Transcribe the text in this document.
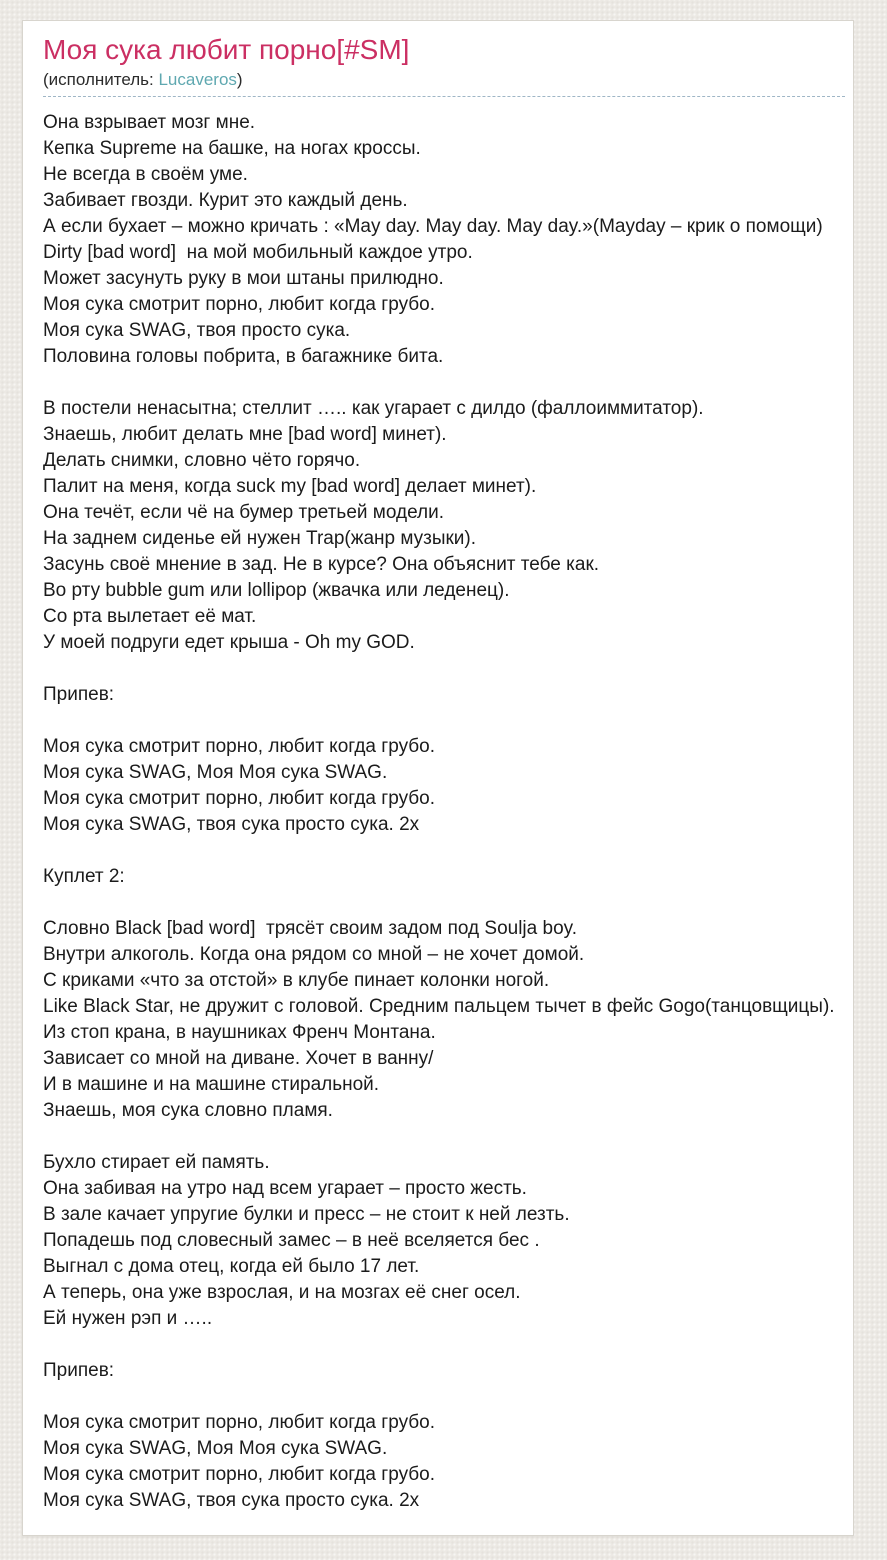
Моя сука любит порно[#SM]
(исполнитель: Lucaveros)
Она взрывает мозг мне.
Кепка Supreme на башке, на ногах кроссы.
Не всегда в своём уме.
Забивает гвозди. Курит это каждый день.
А если бухает – можно кричать : «May day. May day. May day.»(Mayday – крик о помощи)
Dirty [bad word]  на мой мобильный каждое утро.
Может засунуть руку в мои штаны прилюдно.
Моя сука смотрит порно, любит когда грубо.
Моя сука SWAG, твоя просто сука.
Половина головы побрита, в багажнике бита.
В постели ненасытна; стеллит ….. как угарает с дилдо (фаллоиммитатор).
Знаешь, любит делать мне [bad word] минет).
Делать снимки, словно чёто горячо.
Палит на меня, когда suck my [bad word] делает минет).
Она течёт, если чё на бумер третьей модели.
На заднем сиденье ей нужен Trap(жанр музыки).
Засунь своё мнение в зад. Не в курсе? Она объяснит тебе как.
Во рту bubble gum или lollipop (жвачка или леденец).
Со рта вылетает её мат.
У моей подруги едет крыша - Oh my GOD.
Припев:
Моя сука смотрит порно, любит когда грубо.
Моя сука SWAG, Моя Моя сука SWAG.
Моя сука смотрит порно, любит когда грубо.
Моя сука SWAG, твоя сука просто сука. 2х
Куплет 2:
Словно Black [bad word]  трясёт своим задом под Soulja boy.
Внутри алкоголь. Когда она рядом со мной – не хочет домой.
С криками «что за отстой» в клубе пинает колонки ногой.
Like Black Star, не дружит с головой. Средним пальцем тычет в фейс Gogo(танцовщицы).
Из стоп крана, в наушниках Френч Монтана.
Зависает со мной на диване. Хочет в ванну/
И в машине и на машине стиральной.
Знаешь, моя сука словно пламя.
Бухло стирает ей память.
Она забивая на утро над всем угарает – просто жесть.
В зале качает упругие булки и пресс – не стоит к ней лезть.
Попадешь под словесный замес – в неё вселяется бес .
Выгнал с дома отец, когда ей было 17 лет.
А теперь, она уже взрослая, и на мозгах её снег осел.
Ей нужен рэп и …..
Припев:
Моя сука смотрит порно, любит когда грубо.
Моя сука SWAG, Моя Моя сука SWAG.
Моя сука смотрит порно, любит когда грубо.
Моя сука SWAG, твоя сука просто сука. 2х
